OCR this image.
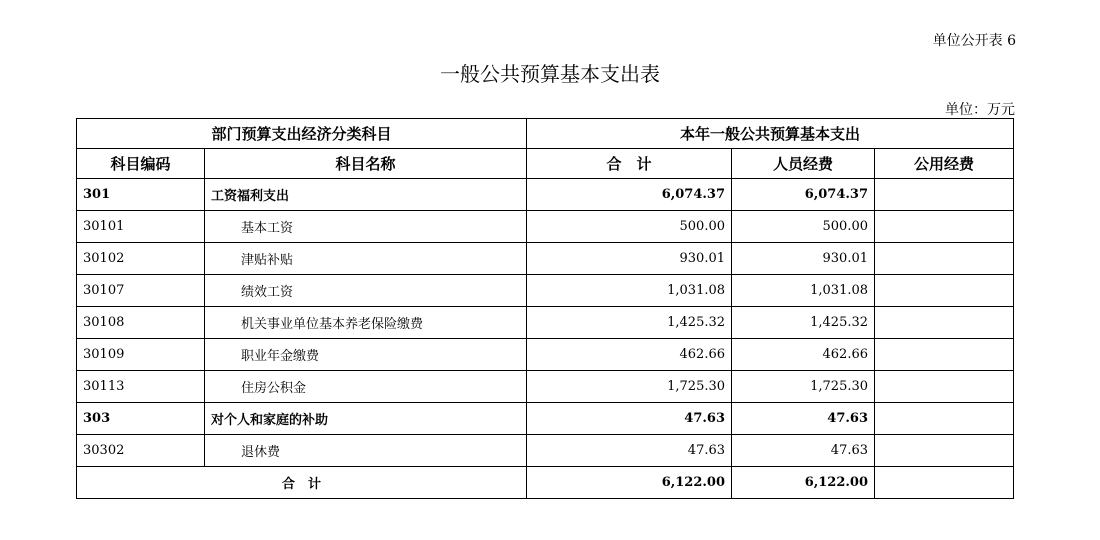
单位公开表 6
一般公共预算基本支出表
单位：万元
部门预算支出经济分类科目		本年一般公共预算基本支出		
科目编码	科目名称	合　计	人员经费	公用经费
301	工资福利支出	6,074.37	6,074.37	
30101	基本工资	500.00	500.00	
30102	津贴补贴	930.01	930.01	
30107	绩效工资	1,031.08	1,031.08	
30108	机关事业单位基本养老保险缴费	1,425.32	1,425.32	
30109	职业年金缴费	462.66	462.66	
30113	住房公积金	1,725.30	1,725.30	
303	对个人和家庭的补助	47.63	47.63	
30302	退休费	47.63	47.63	
合　计		6,122.00	6,122.00	
